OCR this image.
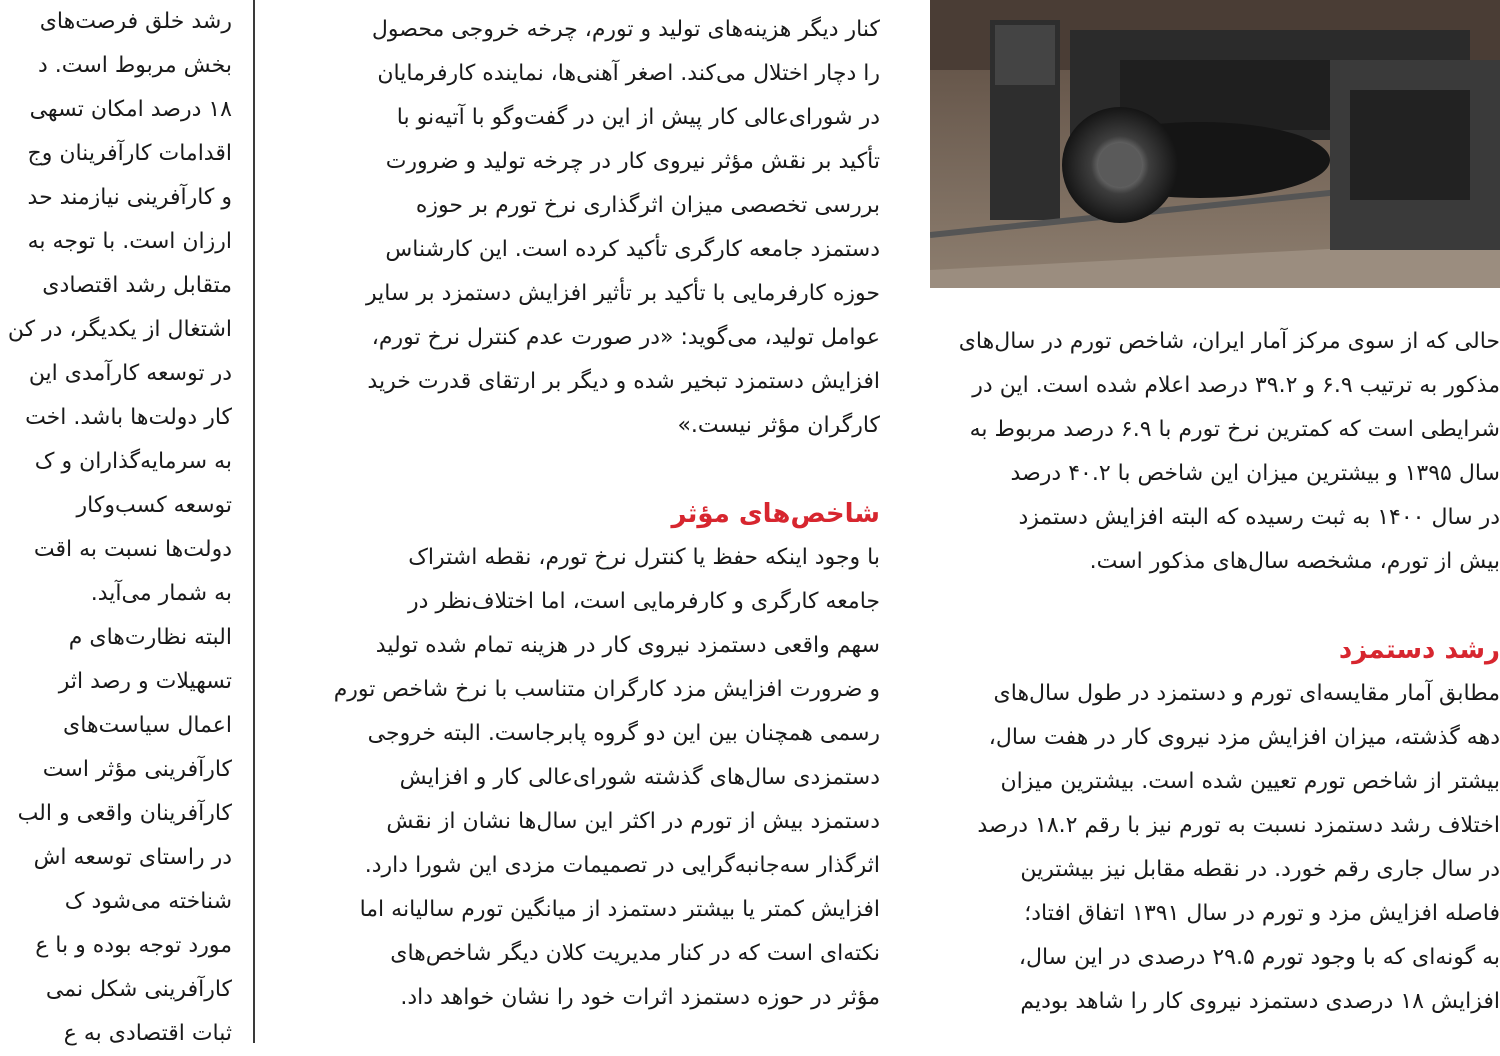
رشد خلق فرصت‌های

بخش مربوط است. د

۱۸ درصد امکان تسهی

اقدامات کارآفرینان وج

و کارآفرینی نیازمند حد

ارزان است. با توجه به

متقابل رشد اقتصادی

اشتغال از یکدیگر، در کن

در توسعه کارآمدی این

کار دولت‌ها باشد. اخت

به سرمایه‌گذاران و ک

توسعه کسب‌وکار

دولت‌ها نسبت به اقت

به شمار می‌آید.

البته نظارت‌های م

تسهیلات و رصد اثر

اعمال سیاست‌های

کارآفرینی مؤثر است

کارآفرینان واقعی و الب

در راستای توسعه اش

شناخته می‌شود ک

مورد توجه بوده و با ع

کارآفرینی شکل نمی

ثبات اقتصادی به ع

کنار دیگر هزینه‌های تولید و تورم، چرخه خروجی محصول

را دچار اختلال می‌کند. اصغر آهنی‌ها، نماینده کارفرمایان

در شورای‌عالی کار پیش از این در گفت‌وگو با آتیه‌نو با

تأکید بر نقش مؤثر نیروی کار در چرخه تولید و ضرورت

بررسی تخصصی میزان اثرگذاری نرخ تورم بر حوزه

دستمزد جامعه کارگری تأکید کرده است. این کارشناس

حوزه کارفرمایی با تأکید بر تأثیر افزایش دستمزد بر سایر

عوامل تولید، می‌گوید: «در صورت عدم کنترل نرخ تورم،

افزایش دستمزد تبخیر شده و دیگر بر ارتقای قدرت خرید

کارگران مؤثر نیست.»

شاخص‌های مؤثر

با وجود اینکه حفظ یا کنترل نرخ تورم، نقطه اشتراک

جامعه کارگری و کارفرمایی است، اما اختلاف‌نظر در

سهم واقعی دستمزد نیروی کار در هزینه تمام شده تولید

و ضرورت افزایش مزد کارگران متناسب با نرخ شاخص تورم

رسمی همچنان بین این دو گروه پابرجاست. البته خروجی

دستمزدی سال‌های گذشته شورای‌عالی کار و افزایش

دستمزد بیش از تورم در اکثر این سال‌ها نشان از نقش

اثرگذار سه‌جانبه‌گرایی در تصمیمات مزدی این شورا دارد.

افزایش کمتر یا بیشتر دستمزد از میانگین تورم سالیانه اما

نکته‌ای است که در کنار مدیریت کلان دیگر شاخص‌های

مؤثر در حوزه دستمزد اثرات خود را نشان خواهد داد.

حالی که از سوی مرکز آمار ایران، شاخص تورم در سال‌های

مذکور به ترتیب ۶.۹ و ۳۹.۲ درصد اعلام شده است. این در

شرایطی است که کمترین نرخ تورم با ۶.۹ درصد مربوط به

سال ۱۳۹۵ و بیشترین میزان این شاخص با ۴۰.۲ درصد

در سال ۱۴۰۰ به ثبت رسیده که البته افزایش دستمزد

بیش از تورم، مشخصه سال‌های مذکور است.

رشد دستمزد

مطابق آمار مقایسه‌ای تورم و دستمزد در طول سال‌های

دهه گذشته، میزان افزایش مزد نیروی کار در هفت سال،

بیشتر از شاخص تورم تعیین شده است. بیشترین میزان

اختلاف رشد دستمزد نسبت به تورم نیز با رقم ۱۸.۲ درصد

در سال جاری رقم خورد. در نقطه مقابل نیز بیشترین

فاصله افزایش مزد و تورم در سال ۱۳۹۱ اتفاق افتاد؛

به گونه‌ای که با وجود تورم ۲۹.۵ درصدی در این سال،

افزایش ۱۸ درصدی دستمزد نیروی کار را شاهد بودیم
